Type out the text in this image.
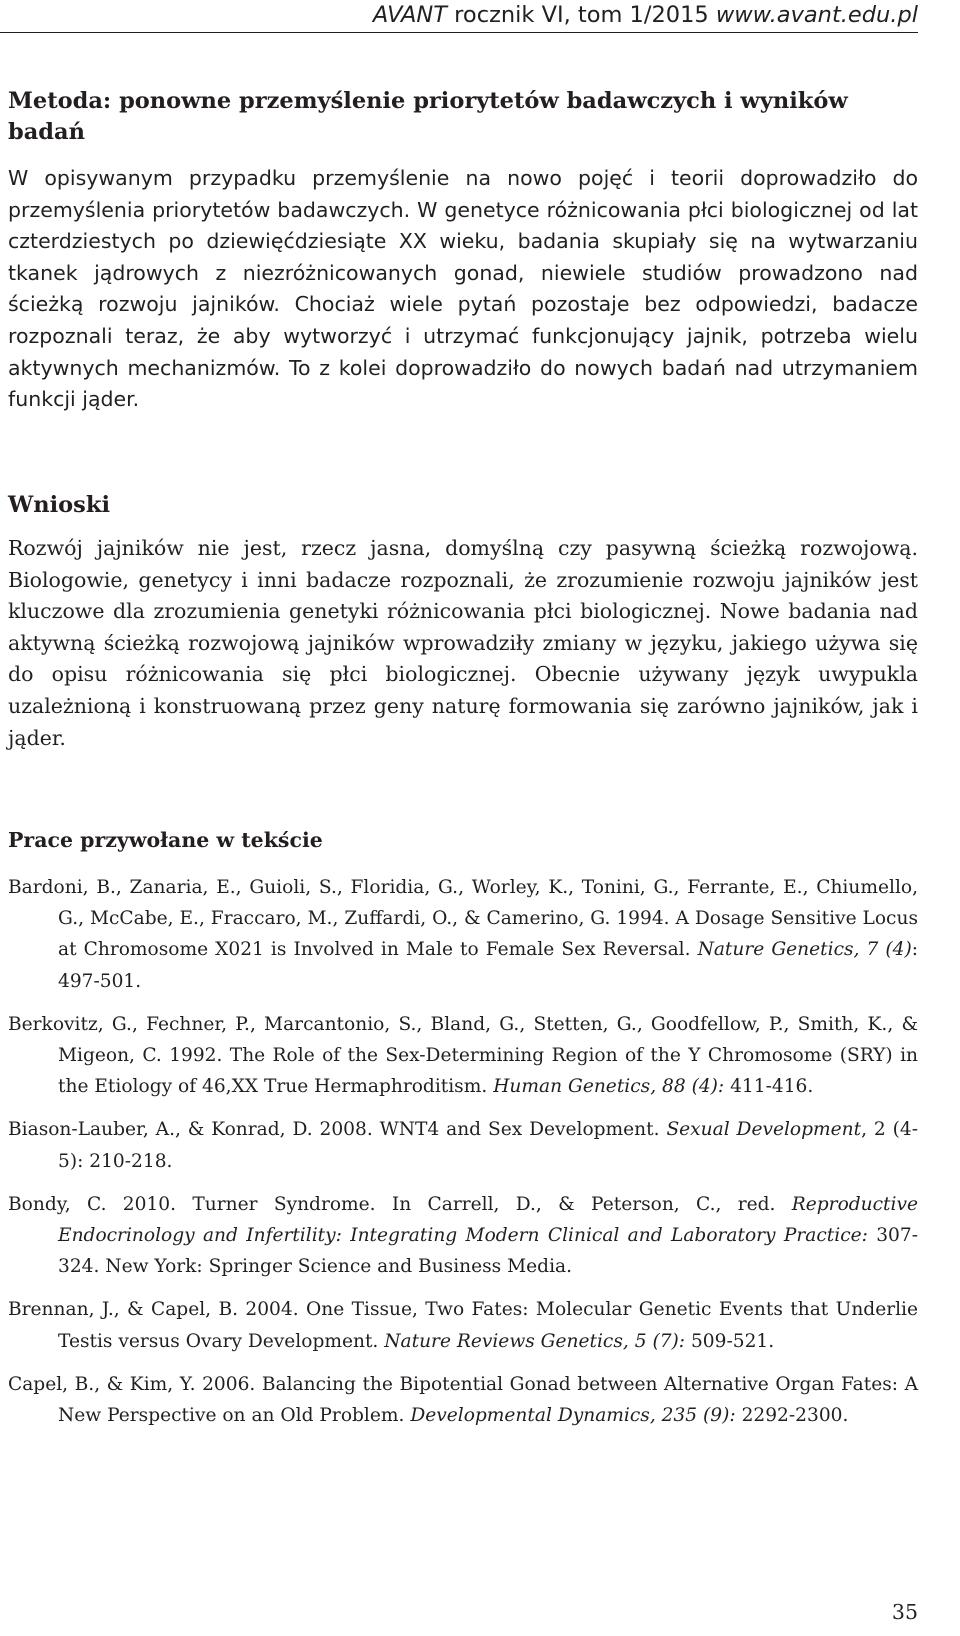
AVANT rocznik VI, tom 1/2015 www.avant.edu.pl
Metoda: ponowne przemyślenie priorytetów badawczych i wyników badań

W opisywanym przypadku przemyślenie na nowo pojęć i teorii doprowadziło do przemyślenia priorytetów badawczych. W genetyce różnicowania płci biologicznej od lat czterdziestych po dziewięćdziesiąte XX wieku, badania skupiały się na wytwarzaniu tkanek jądrowych z niezróżnicowanych gonad, niewiele studiów prowadzono nad ścieżką rozwoju jajników. Chociaż wiele pytań pozostaje bez odpowiedzi, badacze rozpoznali teraz, że aby wytworzyć i utrzymać funkcjonujący jajnik, potrzeba wielu aktywnych mechanizmów. To z kolei doprowadziło do nowych badań nad utrzymaniem funkcji jąder.

Wnioski

Rozwój jajników nie jest, rzecz jasna, domyślną czy pasywną ścieżką rozwojową. Biologowie, genetycy i inni badacze rozpoznali, że zrozumienie rozwoju jajników jest kluczowe dla zrozumienia genetyki różnicowania płci biologicznej. Nowe badania nad aktywną ścieżką rozwojową jajników wprowadziły zmiany w języku, jakiego używa się do opisu różnicowania się płci biologicznej. Obecnie używany język uwypukla uzależnioną i konstruowaną przez geny naturę formowania się zarówno jajników, jak i jąder.

Prace przywołane w tekście

Bardoni, B., Zanaria, E., Guioli, S., Floridia, G., Worley, K., Tonini, G., Ferrante, E., Chiumello, G., McCabe, E., Fraccaro, M., Zuffardi, O., & Camerino, G. 1994. A Dosage Sensitive Locus at Chromosome X021 is Involved in Male to Female Sex Reversal. Nature Genetics, 7 (4): 497-501.

Berkovitz, G., Fechner, P., Marcantonio, S., Bland, G., Stetten, G., Goodfellow, P., Smith, K., & Migeon, C. 1992. The Role of the Sex-Determining Region of the Y Chromosome (SRY) in the Etiology of 46,XX True Hermaphroditism. Human Genetics, 88 (4): 411-416.

Biason-Lauber, A., & Konrad, D. 2008. WNT4 and Sex Development. Sexual Development, 2 (4-5): 210-218.

Bondy, C. 2010. Turner Syndrome. In Carrell, D., & Peterson, C., red. Reproductive Endocrinology and Infertility: Integrating Modern Clinical and Laboratory Practice: 307-324. New York: Springer Science and Business Media.

Brennan, J., & Capel, B. 2004. One Tissue, Two Fates: Molecular Genetic Events that Underlie Testis versus Ovary Development. Nature Reviews Genetics, 5 (7): 509-521.

Capel, B., & Kim, Y. 2006. Balancing the Bipotential Gonad between Alternative Organ Fates: A New Perspective on an Old Problem. Developmental Dynamics, 235 (9): 2292-2300.

35
